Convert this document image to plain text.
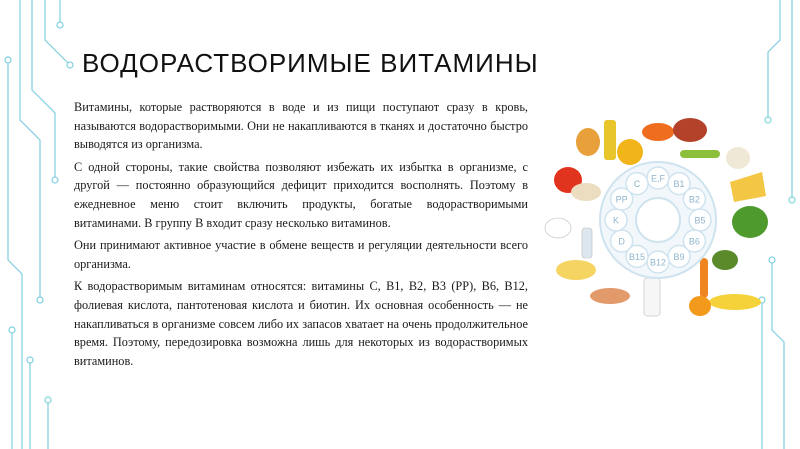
ВОДОРАСТВОРИМЫЕ ВИТАМИНЫ

Витамины, которые растворяются в воде и из пищи поступают сразу в кровь, называются водорастворимыми. Они не накапливаются в тканях и достаточно быстро выводятся из организма.

С одной стороны, такие свойства позволяют избежать их избытка в организме, с другой — постоянно образующийся дефицит приходится восполнять. Поэтому в ежедневное меню стоит включить продукты, богатые водорастворимыми витаминами. В группу В входит сразу несколько витаминов.

Они принимают активное участие в обмене веществ и регуляции деятельности всего организма.

К водорастворимым витаминам относятся: витамины С, В1, В2, В3 (РР), В6, В12, фолиевая кислота, пантотеновая кислота и биотин. Их основная особенность — не накапливаться в организме совсем либо их запасов хватает на очень продолжительное время. Поэтому, передозировка возможна лишь для некоторых из водорастворимых витаминов.

E,F
B1
B2
B5
B6
B9
B12
B15
D
K
PP
C
